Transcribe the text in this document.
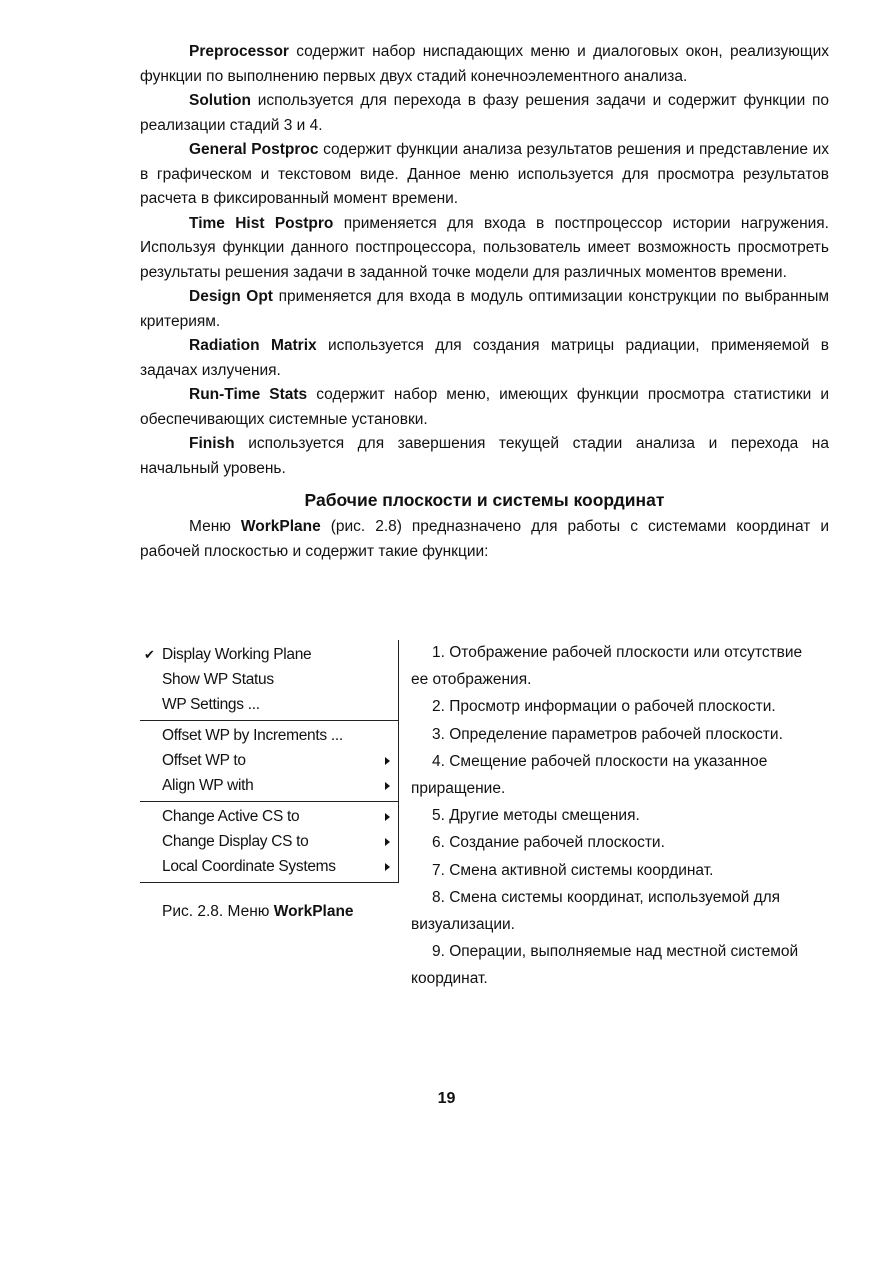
Preprocessor содержит набор ниспадающих меню и диалоговых окон, реализующих функции по выполнению первых двух стадий конечноэлементного анализа.

Solution используется для перехода в фазу решения задачи и содержит функции по реализации стадий 3 и 4.

General Postproc содержит функции анализа результатов решения и представление их в графическом и текстовом виде. Данное меню используется для просмотра результатов расчета в фиксированный момент времени.

Time Hist Postpro применяется для входа в постпроцессор истории нагружения. Используя функции данного постпроцессора, пользователь имеет возможность просмотреть результаты решения задачи в заданной точке модели для различных моментов времени.

Design Opt применяется для входа в модуль оптимизации конструкции по выбранным критериям.

Radiation Matrix используется для создания матрицы радиации, применяемой в задачах излучения.

Run-Time Stats содержит набор меню, имеющих функции просмотра статистики и обеспечивающих системные установки.

Finish используется для завершения текущей стадии анализа и перехода на начальный уровень.

Рабочие плоскости и системы координат

Меню WorkPlane (рис. 2.8) предназначено для работы с системами координат и рабочей плоскостью и содержит такие функции:

✔ Display Working Plane
Show WP Status
WP Settings ...
Offset WP by Increments ...
Offset WP to
Align WP with
Change Active CS to
Change Display CS to
Local Coordinate Systems
Рис. 2.8. Меню WorkPlane

1. Отображение рабочей плоскости или отсутствие ее отображения.

2. Просмотр информации о рабочей плоскости.

3. Определение параметров рабочей плоскости.

4. Смещение рабочей плоскости на указанное приращение.

5. Другие методы смещения.

6. Создание рабочей плоскости.

7. Смена активной системы координат.

8. Смена системы координат, используемой для визуализации.

9. Операции, выполняемые над местной системой координат.

19
